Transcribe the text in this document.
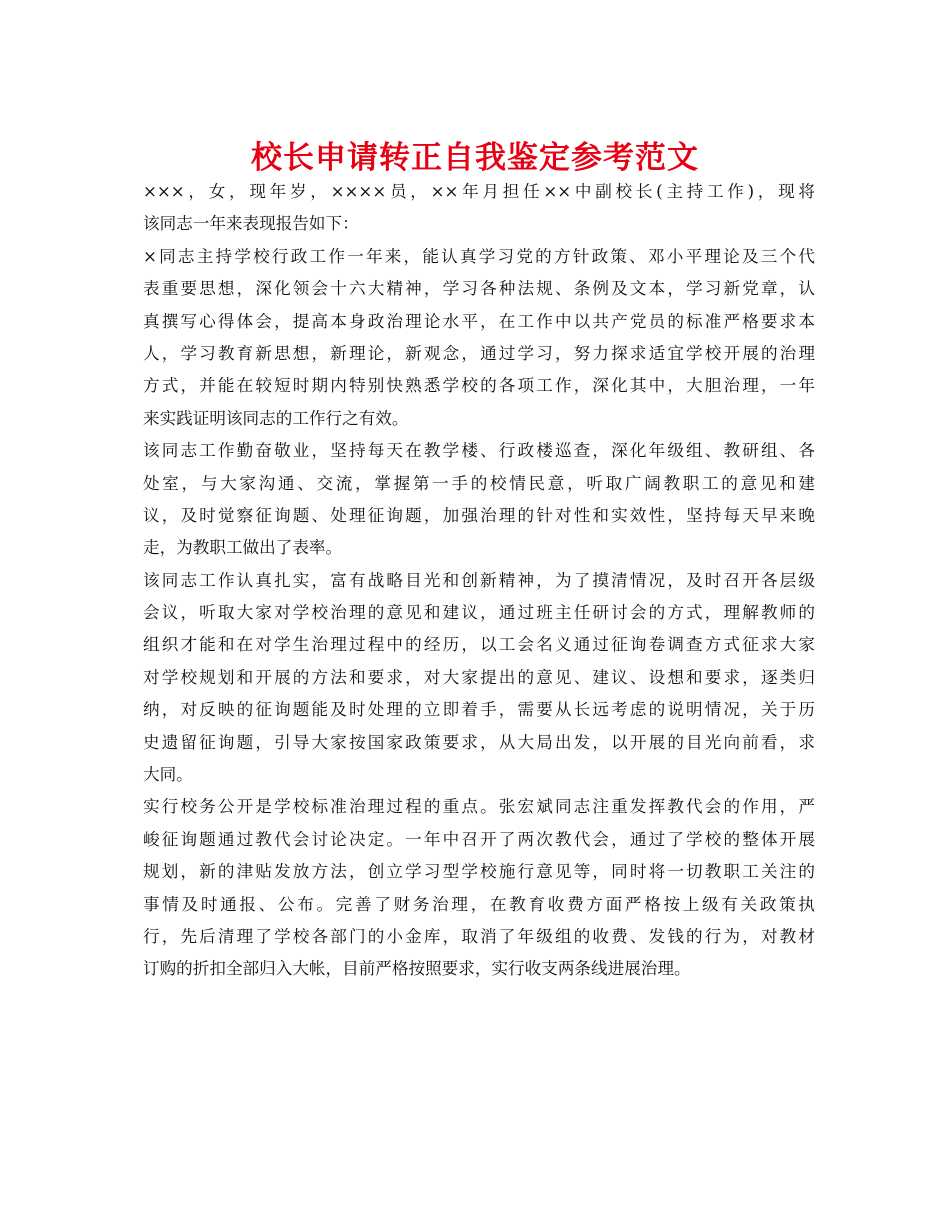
校长申请转正自我鉴定参考范文
×××，女，现年岁，××××员，××年月担任××中副校长(主持工作)，现将
该同志一年来表现报告如下：
×同志主持学校行政工作一年来，能认真学习党的方针政策、邓小平理论及三个代
表重要思想，深化领会十六大精神，学习各种法规、条例及文本，学习新党章，认
真撰写心得体会，提高本身政治理论水平，在工作中以共产党员的标准严格要求本
人，学习教育新思想，新理论，新观念，通过学习，努力探求适宜学校开展的治理
方式，并能在较短时期内特别快熟悉学校的各项工作，深化其中，大胆治理，一年
来实践证明该同志的工作行之有效。
该同志工作勤奋敬业，坚持每天在教学楼、行政楼巡查，深化年级组、教研组、各
处室，与大家沟通、交流，掌握第一手的校情民意，听取广阔教职工的意见和建
议，及时觉察征询题、处理征询题，加强治理的针对性和实效性，坚持每天早来晚
走，为教职工做出了表率。
该同志工作认真扎实，富有战略目光和创新精神，为了摸清情况，及时召开各层级
会议，听取大家对学校治理的意见和建议，通过班主任研讨会的方式，理解教师的
组织才能和在对学生治理过程中的经历，以工会名义通过征询卷调查方式征求大家
对学校规划和开展的方法和要求，对大家提出的意见、建议、设想和要求，逐类归
纳，对反映的征询题能及时处理的立即着手，需要从长远考虑的说明情况，关于历
史遗留征询题，引导大家按国家政策要求，从大局出发，以开展的目光向前看，求
大同。
实行校务公开是学校标准治理过程的重点。张宏斌同志注重发挥教代会的作用，严
峻征询题通过教代会讨论决定。一年中召开了两次教代会，通过了学校的整体开展
规划，新的津贴发放方法，创立学习型学校施行意见等，同时将一切教职工关注的
事情及时通报、公布。完善了财务治理，在教育收费方面严格按上级有关政策执
行，先后清理了学校各部门的小金库，取消了年级组的收费、发钱的行为，对教材
订购的折扣全部归入大帐，目前严格按照要求，实行收支两条线进展治理。
